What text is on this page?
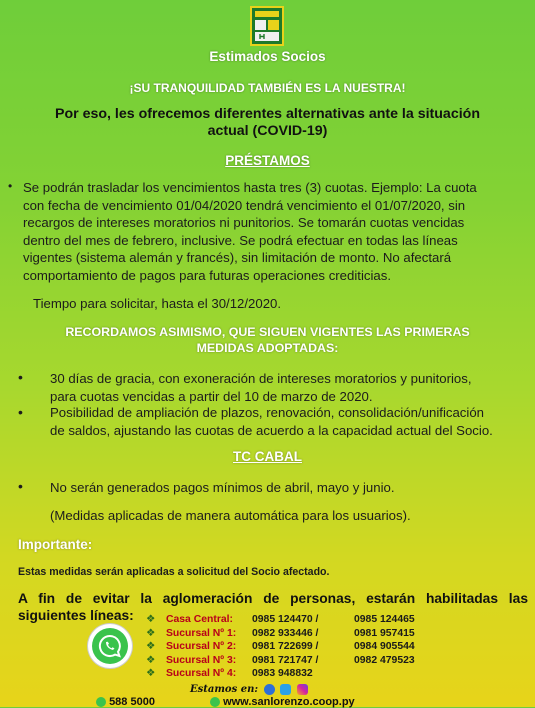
Estimados Socios
¡SU TRANQUILIDAD TAMBIÉN ES LA NUESTRA!
Por eso, les ofrecemos diferentes alternativas ante la situación
actual (COVID-19)
PRÉSTAMOS
• Se podrán trasladar los vencimientos hasta tres (3) cuotas. Ejemplo: La cuota
con fecha de vencimiento 01/04/2020 tendrá vencimiento el 01/07/2020, sin
recargos de intereses moratorios ni punitorios. Se tomarán cuotas vencidas
dentro del mes de febrero, inclusive. Se podrá efectuar en todas las líneas
vigentes (sistema alemán y francés), sin limitación de monto. No afectará
comportamiento de pagos para futuras operaciones crediticias.
Tiempo para solicitar, hasta el 30/12/2020.
RECORDAMOS ASIMISMO, QUE SIGUEN VIGENTES LAS PRIMERAS
MEDIDAS ADOPTADAS:
• 30 días de gracia, con exoneración de intereses moratorios y punitorios,
para cuotas vencidas a partir del 10 de marzo de 2020.
• Posibilidad de ampliación de plazos, renovación, consolidación/unificación
de saldos, ajustando las cuotas de acuerdo a la capacidad actual del Socio.
TC CABAL
• No serán generados pagos mínimos de abril, mayo y junio.
(Medidas aplicadas de manera automática para los usuarios).
Importante:
Estas medidas serán aplicadas a solicitud del Socio afectado.
A fin de evitar la aglomeración de personas, estarán habilitadas las
siguientes líneas: ❖	Casa Central:	0985 124470 /	0985 124465
❖	Sucursal Nº 1:	0982 933446 /	0981 957415
❖	Sucursal Nº 2:	0981 722699 /	0984 905544
❖	Sucursal Nº 3:	0981 721747 /	0982 479523
❖	Sucursal Nº 4:	0983 948832
Estamos en:
588 5000	www.sanlorenzo.coop.py
